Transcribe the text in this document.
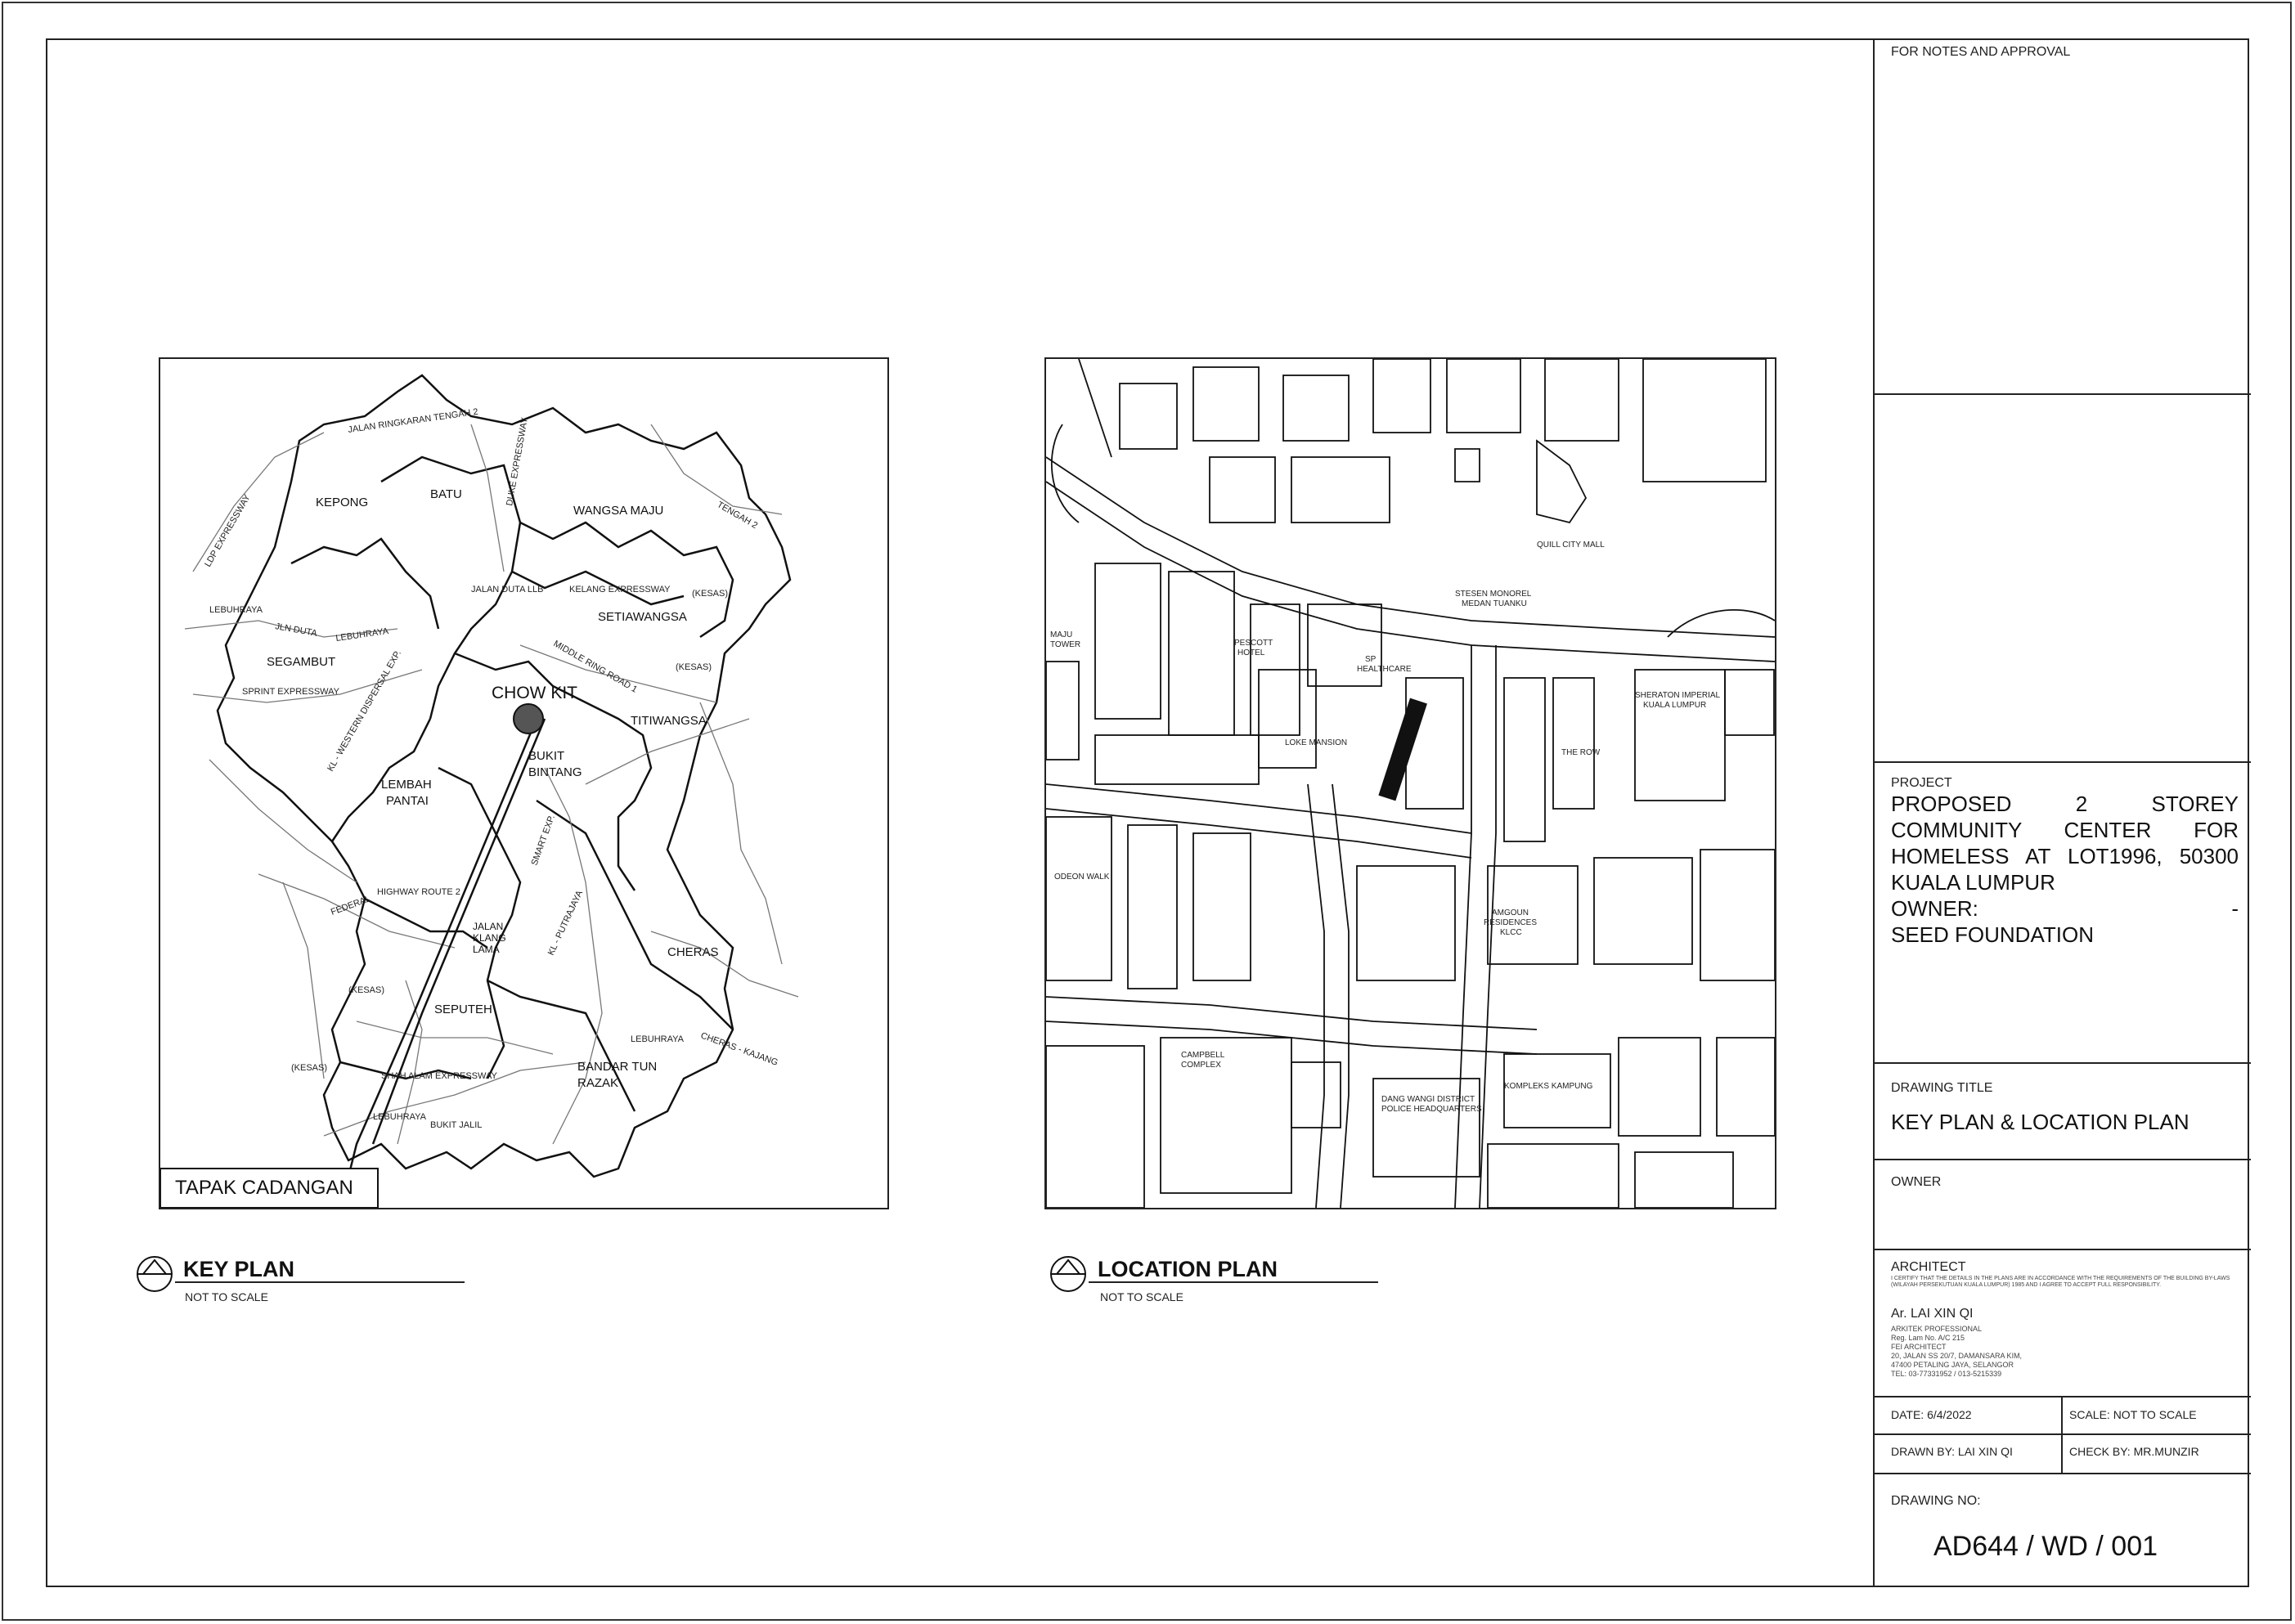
KEPONG
BATU
WANGSA MAJU
SETIAWANGSA
SEGAMBUT
TITIWANGSA
BUKIT
BINTANG
LEMBAH
PANTAI
CHERAS
SEPUTEH
BANDAR TUN
RAZAK
JALAN
KLANG
LAMA
CHOW KIT
JALAN RINGKARAN TENGAH 2
LDP EXPRESSWAY
LEBUHRAYA
JLN DUTA LEBUHRAYA
SPRINT EXPRESSWAY
JALAN DUTA LLB	KELANG EXPRESSWAY (KESAS)
(KESAS)
MIDDLE RING ROAD 1
TENGAH 2
HIGHWAY ROUTE 2
FEDERAL
SHAH ALAM EXPRESSWAY
BUKIT JALIL
LEBUHRAYA
(KESAS)
(KESAS)
LEBUHRAYA CHERAS - KAJANG
KL - PUTRAJAYA
SMART EXP.
DUKE EXPRESSWAY
KL - WESTERN DISPERSAL EXP.
TAPAK CADANGAN
QUILL CITY MALL
STESEN MONOREL
MEDAN TUANKU
MAJU
TOWER	PESCOTT
HOTEL
SP
HEALTHCARE
LOKE MANSION
THE ROW
SHERATON IMPERIAL
KUALA LUMPUR
ODEON WALK
AMGOUN
RESIDENCES
KLCC
CAMPBELL
COMPLEX
DANG WANGI DISTRICT
POLICE HEADQUARTERS
KOMPLEKS KAMPUNG
KEY PLAN
NOT TO SCALE
LOCATION PLAN
NOT TO SCALE
FOR NOTES AND APPROVAL
PROJECT
PROPOSED 2 STOREY COMMUNITY CENTER FOR HOMELESS AT LOT1996, 50300 KUALA LUMPUR
OWNER: -
SEED FOUNDATION
DRAWING TITLE
KEY PLAN & LOCATION PLAN
OWNER
ARCHITECT
I CERTIFY THAT THE DETAILS IN THE PLANS ARE IN ACCORDANCE WITH THE REQUIREMENTS OF THE BUILDING BY-LAWS (WILAYAH PERSEKUTUAN KUALA LUMPUR) 1985 AND I AGREE TO ACCEPT FULL RESPONSIBILITY.
Ar. LAI XIN QI
ARKITEK PROFESSIONAL
Reg. Lam No. A/C 215
FEI ARCHITECT
20, JALAN SS 20/7, DAMANSARA KIM,
47400 PETALING JAYA, SELANGOR
TEL: 03-77331952 / 013-5215339
DATE: 6/4/2022	SCALE: NOT TO SCALE
DRAWN BY: LAI XIN QI	CHECK BY: MR.MUNZIR
DRAWING NO:
AD644 / WD / 001
